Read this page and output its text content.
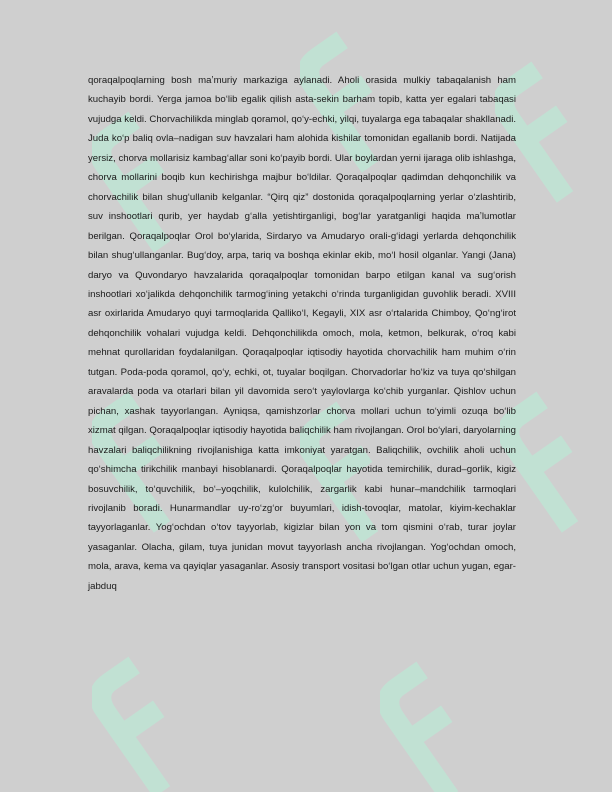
qoraqalpoqlarning bosh maʼmuriy markaziga aylanadi. Aholi orasida mulkiy tabaqalanish ham kuchayib bordi. Yerga jamoa boʻlib egalik qilish asta-sekin barham topib, katta yer egalari tabaqasi vujudga keldi. Chorvachilikda minglab qoramol, qoʻy-echki, yilqi, tuyalarga ega tabaqalar shakllanadi. Juda koʻp baliq ovla–nadigan suv havzalari ham alohida kishilar tomonidan egallanib bordi. Natijada yersiz, chorva mollarisiz kambagʻallar soni koʻpayib bordi. Ular boylardan yerni ijaraga olib ishlashga, chorva mollarini boqib kun kechirishga majbur boʻldilar. Qoraqalpoqlar qadimdan dehqonchilik va chorvachilik bilan shugʻullanib kelganlar. “Qirq qiz” dostonida qoraqalpoqlarning yerlar oʻzlashtirib, suv inshootlari qurib, yer haydab gʻalla yetishtirganligi, bogʻlar yaratganligi haqida maʼlumotlar berilgan. Qoraqalpoqlar Orol boʻylarida, Sirdaryo va Amudaryo orali-gʻidagi yerlarda dehqonchilik bilan shugʻullanganlar. Bugʻdoy, arpa, tariq va boshqa ekinlar ekib, moʻl hosil olganlar. Yangi (Jana) daryo va Quvondaryo havzalarida qoraqalpoqlar tomonidan barpo etilgan kanal va sugʻorish inshootlari xoʻjalikda dehqonchilik tarmogʻining yetakchi oʻrinda turganligidan guvohlik beradi. XVIII asr oxirlarida Amudaryo quyi tarmoqlarida Qalliko‘l, Kegayli, XIX asr oʻrtalarida Chimboy, Qoʻngʻirot dehqonchilik vohalari vujudga keldi. Dehqonchilikda omoch, mola, ketmon, belkurak, oʻroq kabi mehnat qurollaridan foydalanilgan. Qoraqalpoqlar iqtisodiy hayotida chorvachilik ham muhim oʻrin tutgan. Poda-poda qoramol, qoʻy, echki, ot, tuyalar boqilgan. Chorvadorlar hoʻkiz va tuya qoʻshilgan aravalarda poda va otarlari bilan yil davomida seroʻt yaylovlarga koʻchib yurganlar. Qishlov uchun pichan, xashak tayyorlangan. Ayniqsa, qamishzorlar chorva mollari uchun toʻyimli ozuqa boʻlib xizmat qilgan. Qoraqalpoqlar iqtisodiy hayotida baliqchilik ham rivojlangan. Orol boʻylari, daryolarning havzalari baliqchilikning rivojlanishiga katta imkoniyat yaratgan. Baliqchilik, ovchilik aholi uchun qoʻshimcha tirikchilik manbayi hisoblanardi. Qoraqalpoqlar hayotida temirchilik, durad–gorlik, kigiz bosuvchilik, toʻquvchilik, boʻ–yoqchilik, kulolchilik, zargarlik kabi hunar–mandchilik tarmoqlari rivojlanib boradi. Hunarmandlar uy-roʻzgʻor buyumlari, idish-tovoqlar, matolar, kiyim-kechaklar tayyorlaganlar. Yogʻochdan oʻtov tayyorlab, kigizlar bilan yon va tom qismini oʻrab, turar joylar yasaganlar. Olacha, gilam, tuya junidan movut tayyorlash ancha rivojlangan. Yogʻochdan omoch, mola, arava, kema va qayiqlar yasaganlar. Asosiy transport vositasi boʻlgan otlar uchun yugan, egar-jabduq
